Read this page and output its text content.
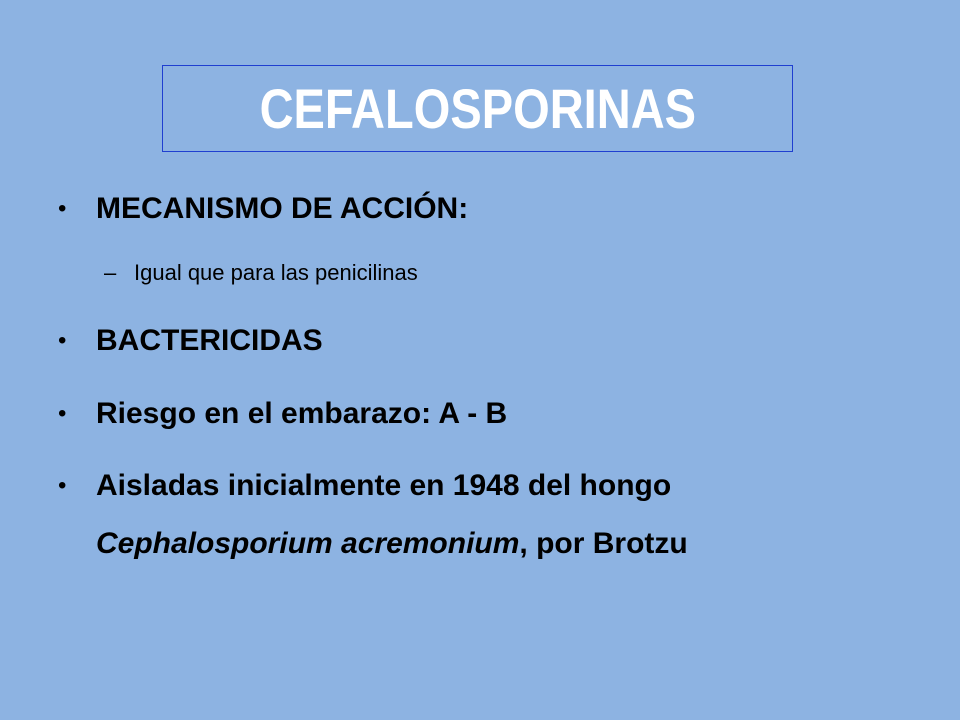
CEFALOSPORINAS
• MECANISMO DE ACCIÓN:
– Igual que para las penicilinas
• BACTERICIDAS
• Riesgo en el embarazo: A - B
• Aisladas inicialmente en 1948 del hongo
Cephalosporium acremonium, por Brotzu
